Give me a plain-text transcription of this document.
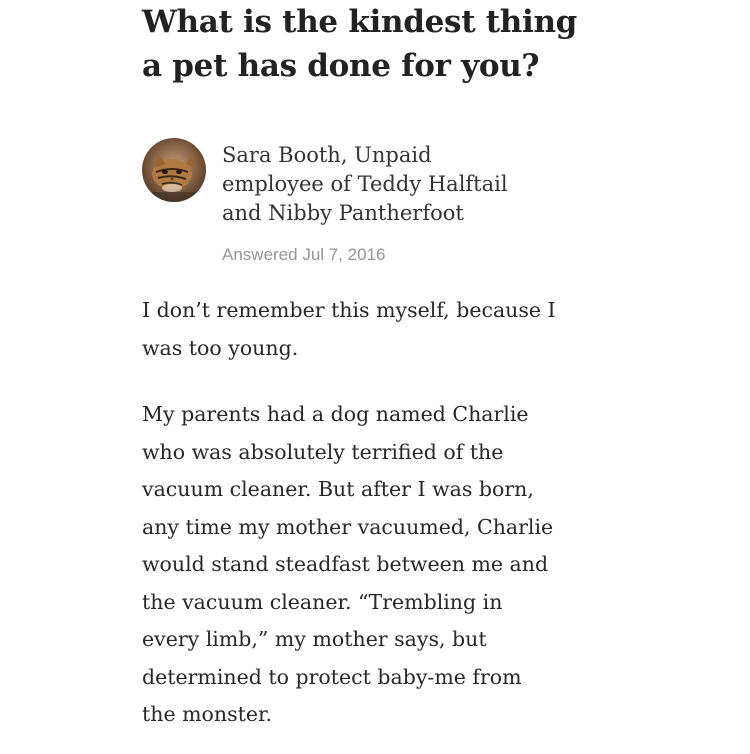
What is the kindest thing
a pet has done for you?
Sara Booth, Unpaid
employee of Teddy Halftail
and Nibby Pantherfoot
Answered Jul 7, 2016

I don’t remember this myself, because I
was too young.

My parents had a dog named Charlie
who was absolutely terrified of the
vacuum cleaner. But after I was born,
any time my mother vacuumed, Charlie
would stand steadfast between me and
the vacuum cleaner. “Trembling in
every limb,” my mother says, but
determined to protect baby-me from
the monster.
